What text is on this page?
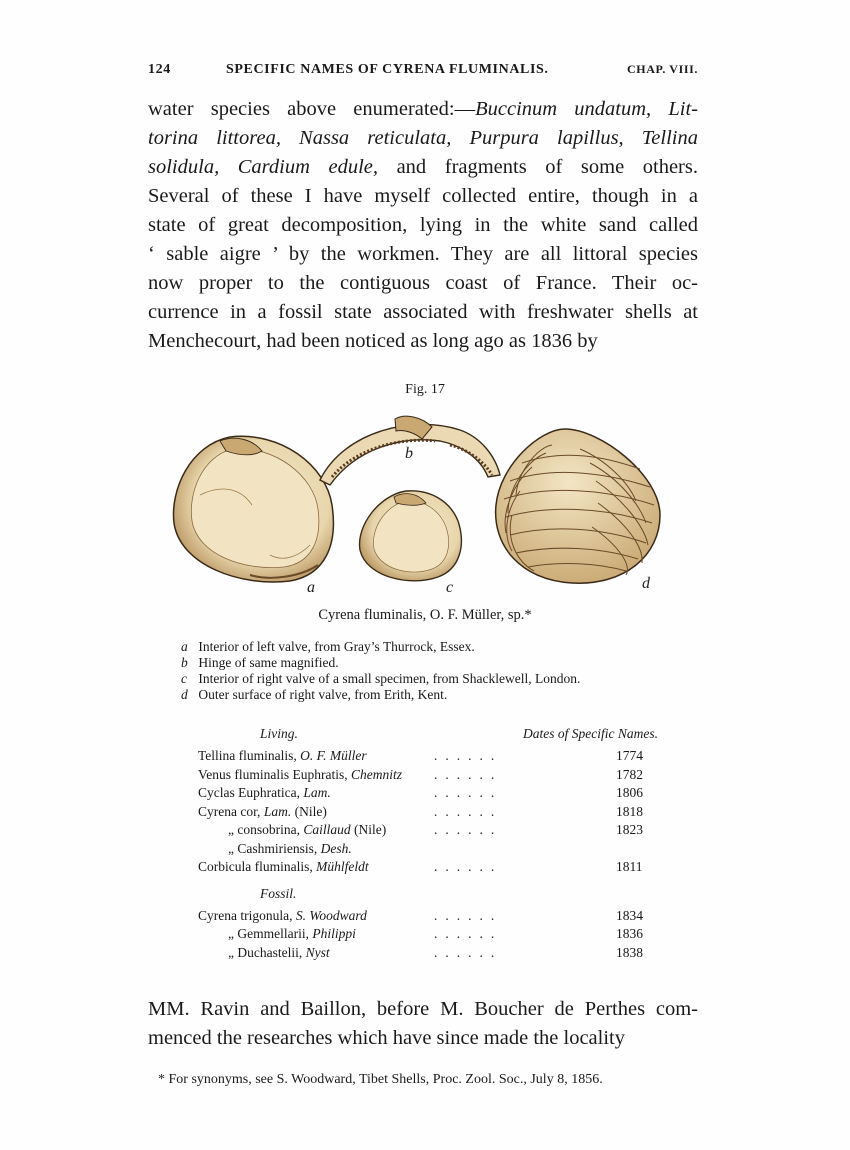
124	SPECIFIC NAMES OF CYRENA FLUMINALIS.	CHAP. VIII.
water species above enumerated:—Buccinum undatum, Lit-
torina littorea, Nassa reticulata, Purpura lapillus, Tellina
solidula, Cardium edule, and fragments of some others.
Several of these I have myself collected entire, though in a
state of great decomposition, lying in the white sand called
‘ sable aigre ’ by the workmen. They are all littoral species
now proper to the contiguous coast of France. Their oc-
currence in a fossil state associated with freshwater shells at
Menchecourt, had been noticed as long ago as 1836 by
Fig. 17
b
d
a	c
Cyrena fluminalis, O. F. Müller, sp.*
a Interior of left valve, from Gray’s Thurrock, Essex.
b Hinge of same magnified.
c Interior of right valve of a small specimen, from Shacklewell, London.
d Outer surface of right valve, from Erith, Kent.
Living.	Dates of Specific Names.
Tellina fluminalis, O. F. Müller	......	1774
Venus fluminalis Euphratis, Chemnitz ......	1782
Cyclas Euphratica, Lam.	......	1806
Cyrena cor, Lam. (Nile)	......	1818
„ consobrina, Caillaud (Nile)	......	1823
„ Cashmiriensis, Desh.
Corbicula fluminalis, Mühlfeldt	......	1811
Fossil.
Cyrena trigonula, S. Woodward	......	1834
„ Gemmellarii, Philippi	......	1836
„ Duchastelii, Nyst	......	1838
MM. Ravin and Baillon, before M. Boucher de Perthes com-
menced the researches which have since made the locality
* For synonyms, see S. Woodward, Tibet Shells, Proc. Zool. Soc., July 8, 1856.
